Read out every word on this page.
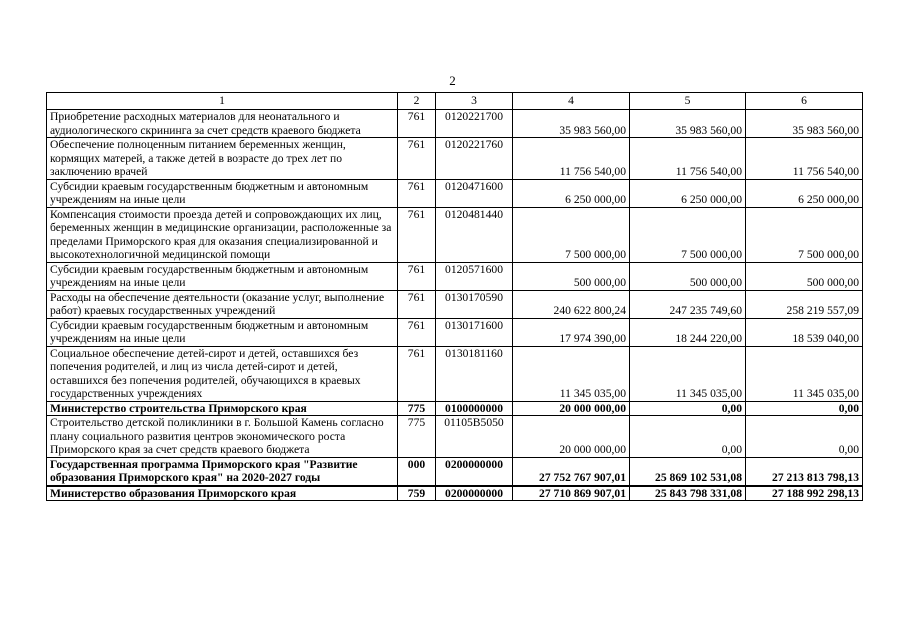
2
1	2	3	4	5	6
Приобретение расходных материалов для неонатального и аудиологического скрининга за счет средств краевого бюджета	761	0120221700	35 983 560,00	35 983 560,00	35 983 560,00
Обеспечение полноценным питанием беременных женщин, кормящих матерей, а также детей в возрасте до трех лет по заключению врачей	761	0120221760	11 756 540,00	11 756 540,00	11 756 540,00
Субсидии краевым государственным бюджетным и автономным учреждениям на иные цели	761	0120471600	6 250 000,00	6 250 000,00	6 250 000,00
Компенсация стоимости проезда детей и сопровождающих их лиц, беременных женщин в медицинские организации, расположенные за пределами Приморского края для оказания специализированной и высокотехнологичной медицинской помощи	761	0120481440	7 500 000,00	7 500 000,00	7 500 000,00
Субсидии краевым государственным бюджетным и автономным учреждениям на иные цели	761	0120571600	500 000,00	500 000,00	500 000,00
Расходы на обеспечение деятельности (оказание услуг, выполнение работ) краевых государственных учреждений	761	0130170590	240 622 800,24	247 235 749,60	258 219 557,09
Субсидии краевым государственным бюджетным и автономным учреждениям на иные цели	761	0130171600	17 974 390,00	18 244 220,00	18 539 040,00
Социальное обеспечение детей-сирот и детей, оставшихся без попечения родителей, и лиц из числа детей-сирот и детей, оставшихся без попечения родителей, обучающихся в краевых государственных учреждениях	761	0130181160	11 345 035,00	11 345 035,00	11 345 035,00
Министерство строительства Приморского края	775	0100000000	20 000 000,00	0,00	0,00
Строительство детской поликлиники в г. Большой Камень согласно плану социального развития центров экономического роста Приморского края за счет средств краевого бюджета	775	01105B5050	20 000 000,00	0,00	0,00
Государственная программа Приморского края "Развитие образования Приморского края" на 2020-2027 годы	000	0200000000	27 752 767 907,01	25 869 102 531,08	27 213 813 798,13
Министерство образования Приморского края	759	0200000000	27 710 869 907,01	25 843 798 331,08	27 188 992 298,13
